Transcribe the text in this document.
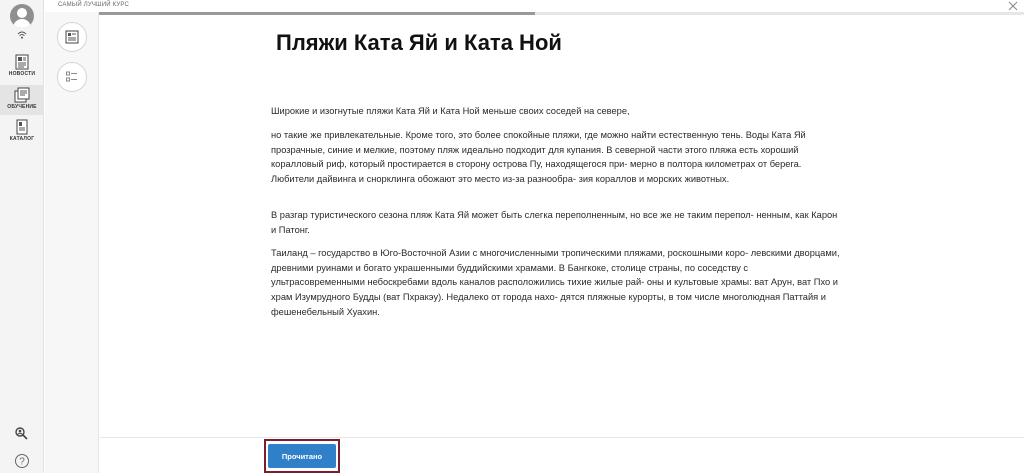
НОВОСТИ
ОБУЧЕНИЕ
КАТАЛОГ
?
САМЫЙ ЛУЧШИЙ КУРС
Пляжи Ката Яй и Ката Ной

Широкие и изогнутые пляжи Ката Яй и Ката Ной меньше своих соседей на севере,

но такие же привлекательные. Кроме того, это более спокойные пляжи, где можно найти естественную тень. Воды Ката Яй прозрачные, синие и мелкие, поэтому пляж идеально подходит для купания. В северной части этого пляжа есть хороший коралловый риф, который простирается в сторону острова Пу, находящегося при- мерно в полтора километрах от берега. Любители дайвинга и снорклинга обожают это место из-за разнообра- зия кораллов и морских животных.

В разгар туристического сезона пляж Ката Яй может быть слегка переполненным, но все же не таким перепол- ненным, как Карон и Патонг.

Таиланд – государство в Юго-Восточной Азии с многочисленными тропическими пляжами, роскошными коро- левскими дворцами, древними руинами и богато украшенными буддийскими храмами. В Бангкоке, столице страны, по соседству с ультрасовременными небоскребами вдоль каналов расположились тихие жилые рай- оны и культовые храмы: ват Арун, ват Пхо и храм Изумрудного Будды (ват Пхракэу). Недалеко от города нахо- дятся пляжные курорты, в том числе многолюдная Паттайя и фешенебельный Хуахин.

Прочитано
